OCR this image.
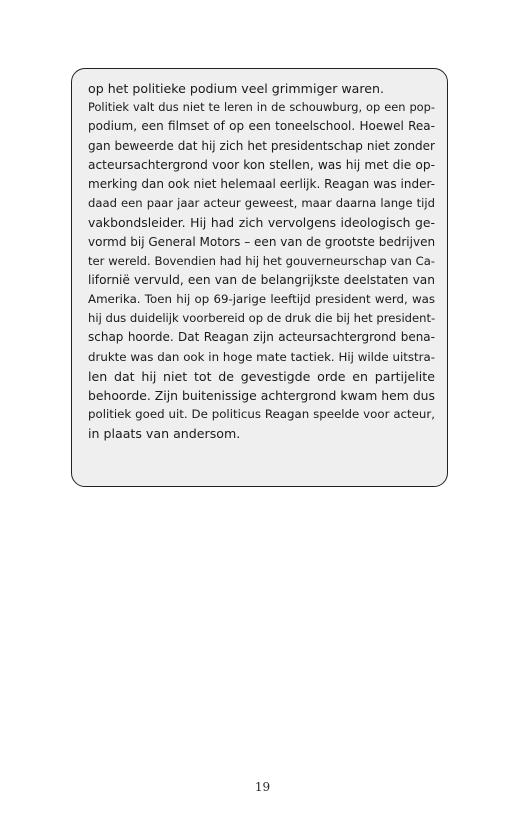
op het politieke podium veel grimmiger waren.
Politiek valt dus niet te leren in de schouwburg, op een pop-
podium, een filmset of op een toneelschool. Hoewel Rea-
gan beweerde dat hij zich het presidentschap niet zonder
acteursachtergrond voor kon stellen, was hij met die op-
merking dan ook niet helemaal eerlijk. Reagan was inder-
daad een paar jaar acteur geweest, maar daarna lange tijd
vakbondsleider. Hij had zich vervolgens ideologisch ge-
vormd bij General Motors – een van de grootste bedrijven
ter wereld. Bovendien had hij het gouverneurschap van Ca-
lifornië vervuld, een van de belangrijkste deelstaten van
Amerika. Toen hij op 69-jarige leeftijd president werd, was
hij dus duidelijk voorbereid op de druk die bij het president-
schap hoorde. Dat Reagan zijn acteursachtergrond bena-
drukte was dan ook in hoge mate tactiek. Hij wilde uitstra-
len dat hij niet tot de gevestigde orde en partijelite
behoorde. Zijn buitenissige achtergrond kwam hem dus
politiek goed uit. De politicus Reagan speelde voor acteur,
in plaats van andersom.
19
